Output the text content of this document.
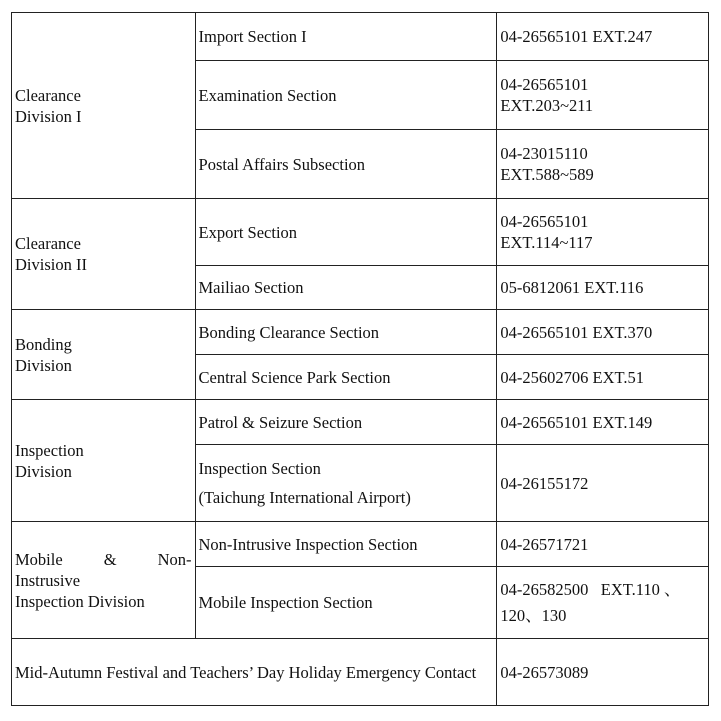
Clearance
Division I	Import Section I	04-26565101 EXT.247
	Examination Section	04-26565101
EXT.203~211

	Postal Affairs Subsection	04-23015110
EXT.588~589

Clearance
Division II	Export Section	04-26565101
EXT.114~117

	Mailiao Section	05-6812061 EXT.116
Bonding
Division	Bonding Clearance Section	04-26565101 EXT.370
	Central Science Park Section	04-25602706 EXT.51
Inspection
Division	Patrol & Seizure Section	04-26565101 EXT.149

	Inspection Section
(Taichung International Airport)	04-26155172

Mobile & Non-
Instrusive
Inspection Division	Non-Intrusive Inspection Section	04-26571721
	Mobile Inspection Section	04-26582500   EXT.110 、
120、130

Mid-Autumn Festival and Teachers’ Day Holiday Emergency Contact		04-26573089
